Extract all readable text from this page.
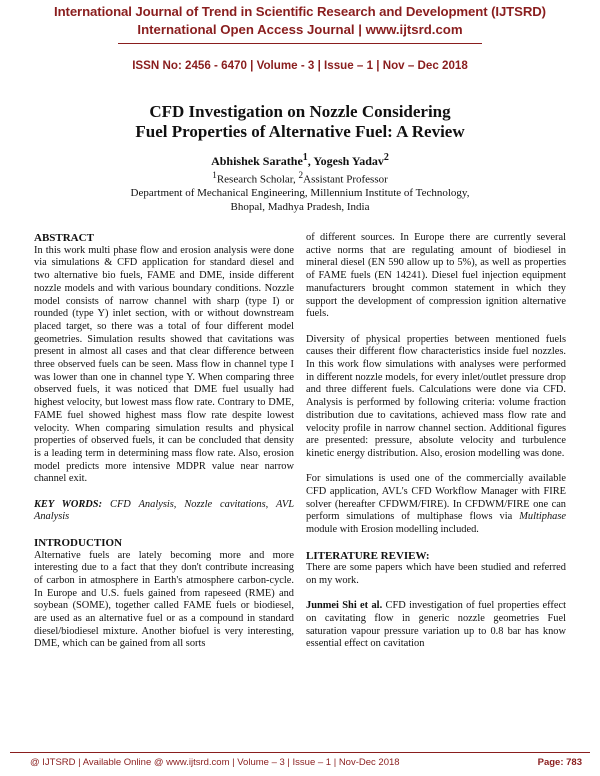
International Journal of Trend in Scientific Research and Development (IJTSRD)
International Open Access Journal | www.ijtsrd.com
ISSN No: 2456 - 6470 | Volume - 3 | Issue – 1 | Nov – Dec 2018
CFD Investigation on Nozzle Considering
Fuel Properties of Alternative Fuel: A Review
Abhishek Sarathe$^1$, Yogesh Yadav$^2$
$^1$Research Scholar, $^2$Assistant Professor
Department of Mechanical Engineering, Millennium Institute of Technology,
Bhopal, Madhya Pradesh, India

ABSTRACT

In this work multi phase flow and erosion analysis were done via simulations & CFD application for standard diesel and two alternative bio fuels, FAME and DME, inside different nozzle models and with various boundary conditions. Nozzle model consists of narrow channel with sharp (type I) or rounded (type Y) inlet section, with or without downstream placed target, so there was a total of four different model geometries. Simulation results showed that cavitations was present in almost all cases and that clear difference between three observed fuels can be seen. Mass flow in channel type I was lower than one in channel type Y. When comparing three observed fuels, it was noticed that DME fuel usually had highest velocity, but lowest mass flow rate. Contrary to DME, FAME fuel showed highest mass flow rate despite lowest velocity. When comparing simulation results and physical properties of observed fuels, it can be concluded that density is a leading term in determining mass flow rate. Also, erosion model predicts more intensive MDPR value near narrow channel exit.

KEY WORDS: CFD Analysis, Nozzle cavitations, AVL Analysis

INTRODUCTION

Alternative fuels are lately becoming more and more interesting due to a fact that they don't contribute increasing of carbon in atmosphere in Earth's atmosphere carbon-cycle. In Europe and U.S. fuels gained from rapeseed (RME) and soybean (SOME), together called FAME fuels or biodiesel, are used as an alternative fuel or as a compound in standard diesel/biodiesel mixture. Another biofuel is very interesting, DME, which can be gained from all sorts

of different sources. In Europe there are currently several active norms that are regulating amount of biodiesel in mineral diesel (EN 590 allow up to 5%), as well as properties of FAME fuels (EN 14241). Diesel fuel injection equipment manufacturers brought common statement in which they support the development of compression ignition alternative fuels.

Diversity of physical properties between mentioned fuels causes their different flow characteristics inside fuel nozzles. In this work flow simulations with analyses were performed in different nozzle models, for every inlet/outlet pressure drop and three different fuels. Calculations were done via CFD. Analysis is performed by following criteria: volume fraction distribution due to cavitations, achieved mass flow rate and velocity profile in narrow channel section. Additional figures are presented: pressure, absolute velocity and turbulence kinetic energy distribution. Also, erosion modelling was done.

For simulations is used one of the commercially available CFD application, AVL's CFD Workflow Manager with FIRE solver (hereafter CFDWM/FIRE). In CFDWM/FIRE one can perform simulations of multiphase flows via Multiphase module with Erosion modelling included.

LITERATURE REVIEW:

There are some papers which have been studied and referred on my work.

Junmei Shi et al. CFD investigation of fuel properties effect on cavitating flow in generic nozzle geometries Fuel saturation vapour pressure variation up to 0.8 bar has know essential effect on cavitation

@ IJTSRD | Available Online @ www.ijtsrd.com | Volume – 3 | Issue – 1 | Nov-Dec 2018	Page: 783
